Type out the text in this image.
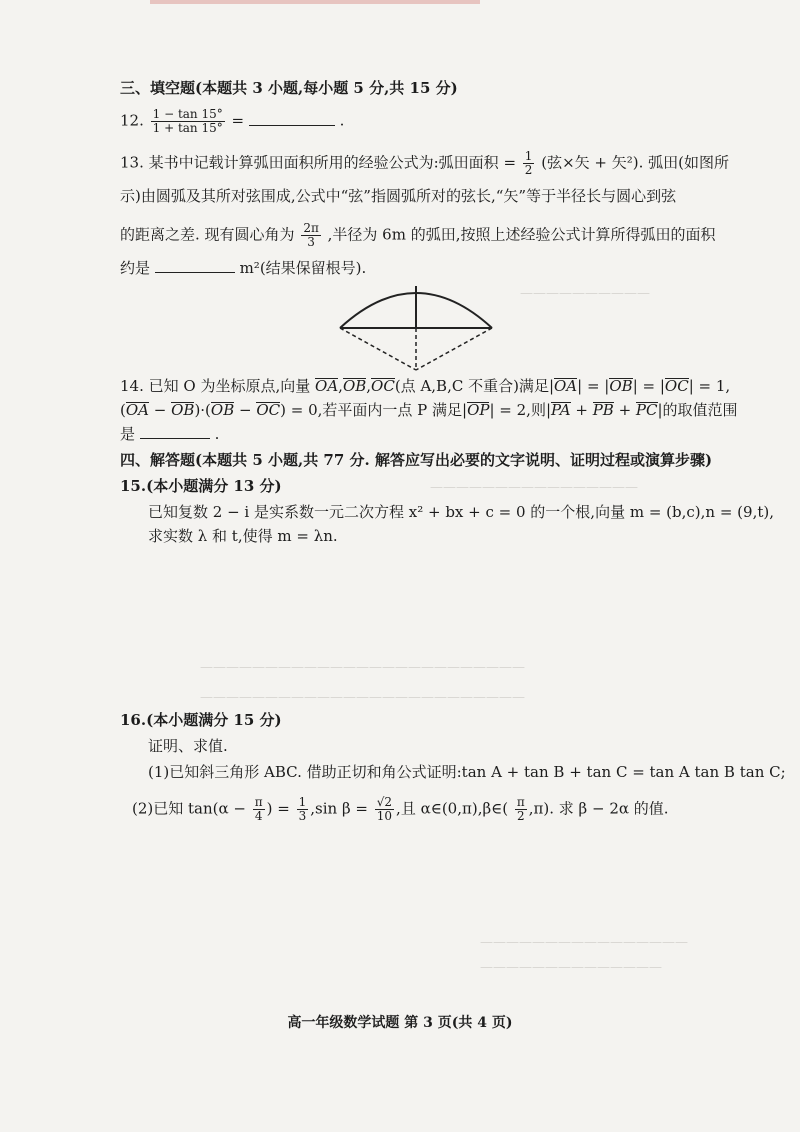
——————————
————————————————
—————————————————————————
—————————————————————————
————————————————
——————————————
三、填空题(本题共 3 小题,每小题 5 分,共 15 分)
12. $\frac{1 - \tan 15^\circ}{1 + \tan 15^\circ}$ =	.
13. 某书中记载计算弧田面积所用的经验公式为:弧田面积 = $\frac{1}{2}$ (弦×矢 + 矢²). 弧田(如图所
示)由圆弧及其所对弦围成,公式中“弦”指圆弧所对的弦长,“矢”等于半径长与圆心到弦
的距离之差. 现有圆心角为 $\frac{2\pi}{3}$ ,半径为 6m 的弧田,按照上述经验公式计算所得弧田的面积
约是	m²(结果保留根号).
14. 已知 O 为坐标原点,向量 OA,OB,OC(点 A,B,C 不重合)满足|OA| = |OB| = |OC| = 1,
(OA − OB)·(OB − OC) = 0,若平面内一点 P 满足|OP| = 2,则|PA + PB + PC|的取值范围
是	.
四、解答题(本题共 5 小题,共 77 分. 解答应写出必要的文字说明、证明过程或演算步骤)
15.(本小题满分 13 分)
已知复数 2 − i 是实系数一元二次方程 x² + bx + c = 0 的一个根,向量 m = (b,c),n = (9,t),
求实数 λ 和 t,使得 m = λn.
16.(本小题满分 15 分)
证明、求值.
(1)已知斜三角形 ABC. 借助正切和角公式证明:tan A + tan B + tan C = tan A tan B tan C;
(2)已知 $\tan(\alpha - \frac{\pi}{4}$ ) = $\frac{1}{3} ,\sin$ $\beta = \frac{√2}{10}$ ,且 α∈(0,π),β∈( $\frac{\pi}{2} ,\pi$). 求 β − 2α 的值.
高一年级数学试题 第 3 页(共 4 页)
